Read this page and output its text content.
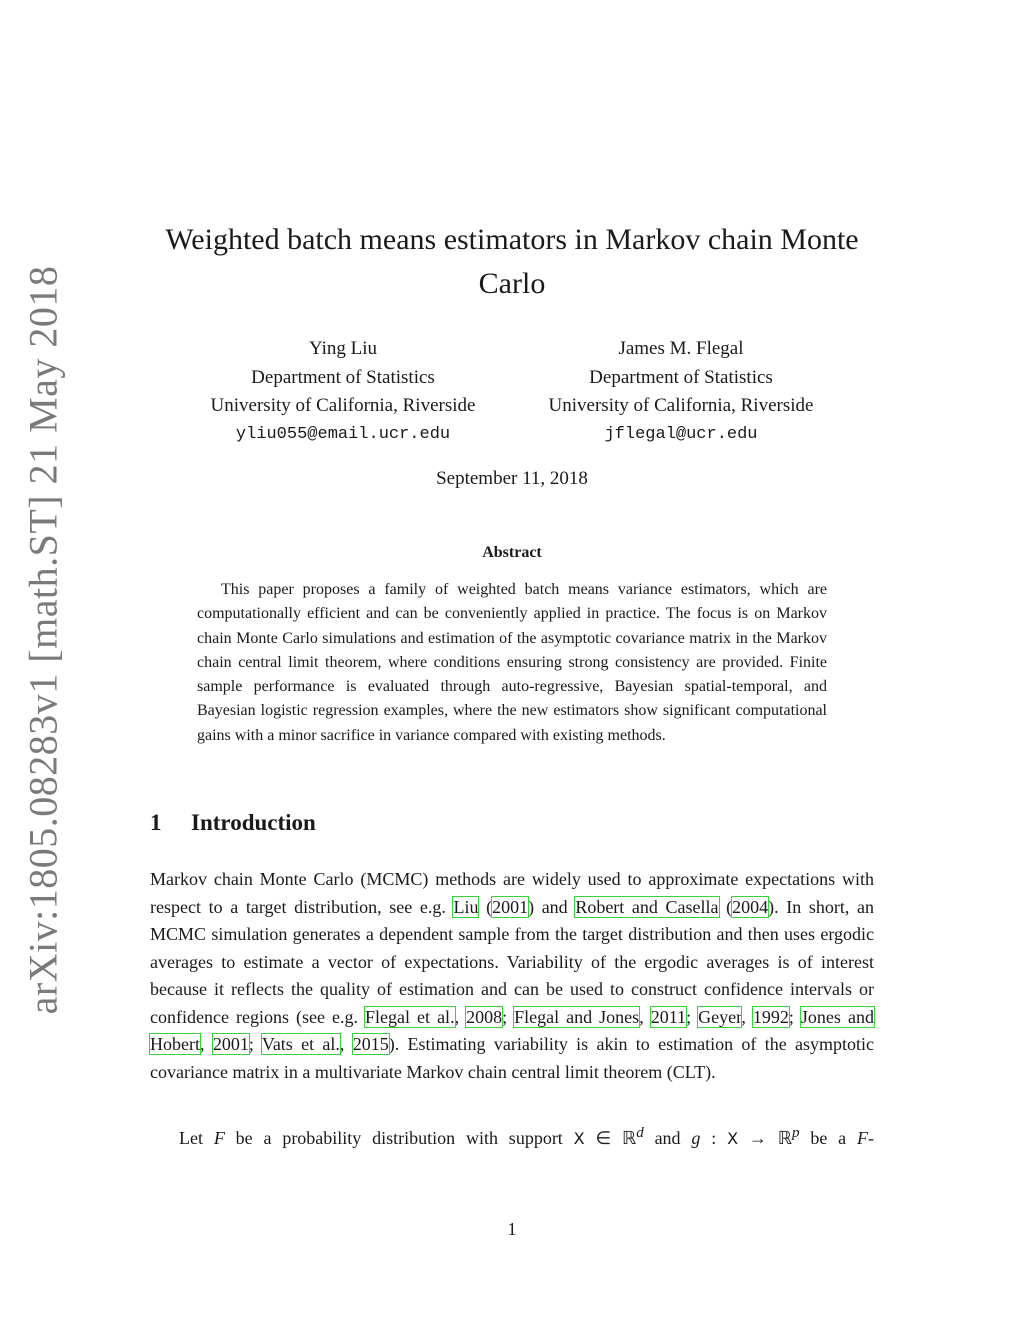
arXiv:1805.08283v1 [math.ST] 21 May 2018
Weighted batch means estimators in Markov chain Monte Carlo
Ying Liu
Department of Statistics
University of California, Riverside
yliu055@email.ucr.edu
James M. Flegal
Department of Statistics
University of California, Riverside
jflegal@ucr.edu
September 11, 2018
Abstract
This paper proposes a family of weighted batch means variance estimators, which are computationally efficient and can be conveniently applied in practice. The focus is on Markov chain Monte Carlo simulations and estimation of the asymptotic covariance matrix in the Markov chain central limit theorem, where conditions ensuring strong consistency are provided. Finite sample performance is evaluated through auto-regressive, Bayesian spatial-temporal, and Bayesian logistic regression examples, where the new estimators show significant computational gains with a minor sacrifice in variance compared with existing methods.
1 Introduction
Markov chain Monte Carlo (MCMC) methods are widely used to approximate expectations with respect to a target distribution, see e.g. Liu (2001) and Robert and Casella (2004). In short, an MCMC simulation generates a dependent sample from the target distribution and then uses ergodic averages to estimate a vector of expectations. Variability of the ergodic averages is of interest because it reflects the quality of estimation and can be used to construct confidence intervals or confidence regions (see e.g. Flegal et al., 2008; Flegal and Jones, 2011; Geyer, 1992; Jones and Hobert, 2001; Vats et al., 2015). Estimating variability is akin to estimation of the asymptotic covariance matrix in a multivariate Markov chain central limit theorem (CLT).
Let F be a probability distribution with support X ∈ ℝ$^d$ and g : X → ℝ$^p$ be a F-
1
